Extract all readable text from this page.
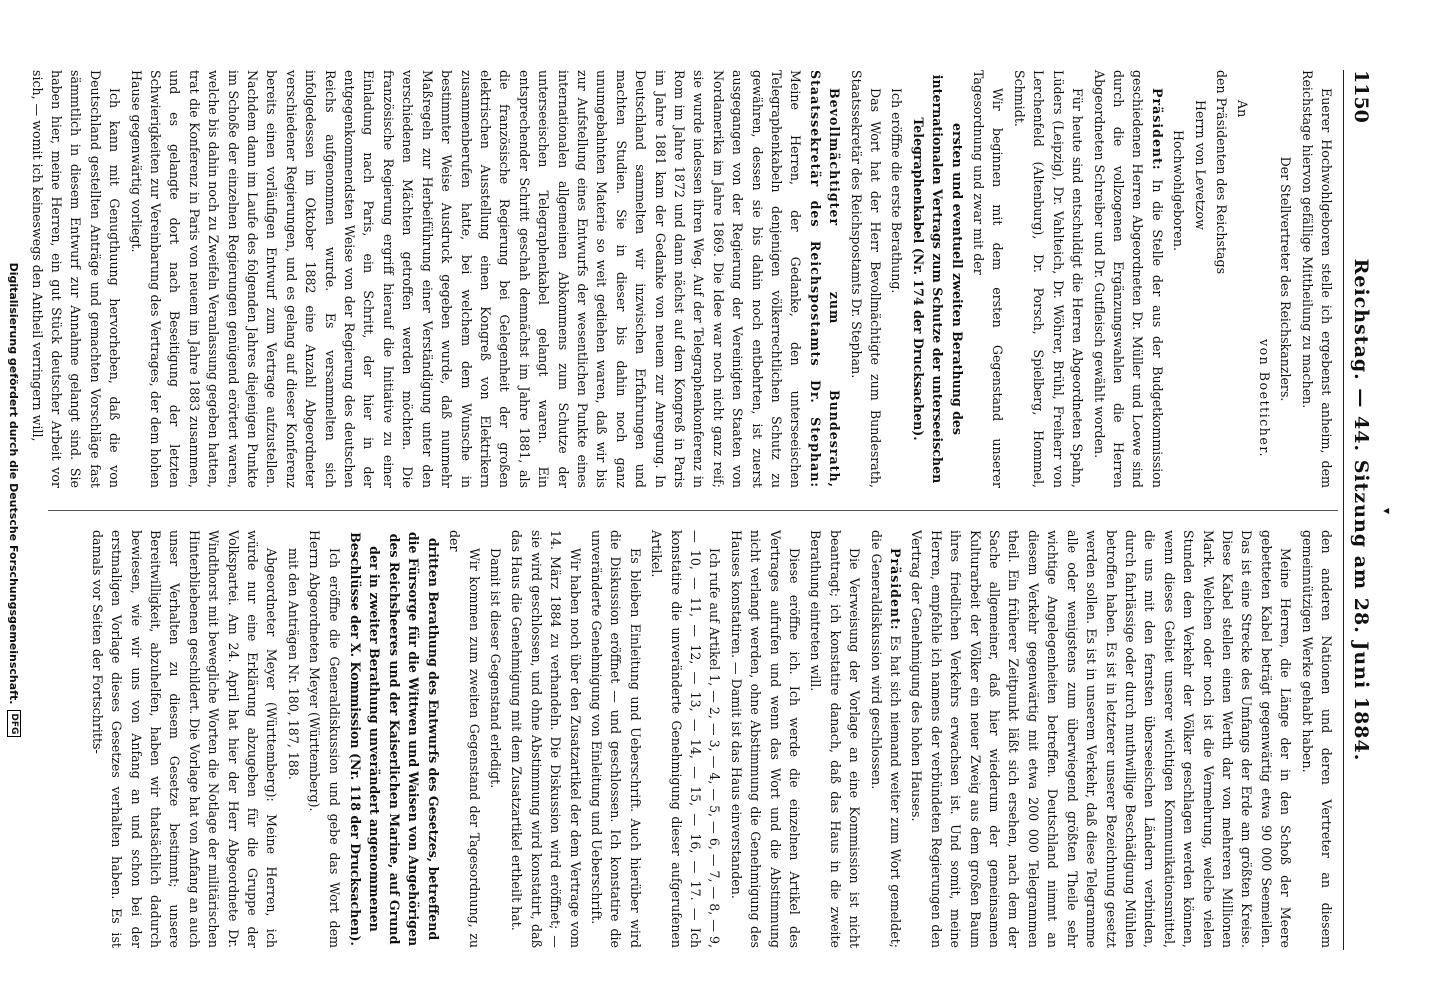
▾
1150
Reichstag. — 44. Sitzung am 28. Juni 1884.

Euerer Hochwohlgeboren stelle ich ergebenst anheim, dem Reichstage hiervon gefällige Mittheilung zu machen.

Der Stellvertreter des Reichskanzlers.

von Boetticher.

An

den Präsidenten des Reichstags

Herrn von Levetzow

Hochwohlgeboren.

Präsident: In die Stelle der aus der Budgetkommission geschiedenen Herren Abgeordneten Dr. Müller und Loewe sind durch die vollzogenen Ergänzungswahlen die Herren Abgeordneten Schreiber und Dr. Gutfleisch gewählt worden.

Für heute sind entschuldigt die Herren Abgeordneten Spahn, Lüders (Leipzig), Dr. Vahlteich, Dr. Wöhrer, Brühl, Freiherr von Lerchenfeld (Altenburg), Dr. Porsch, Spielberg, Hommel, Schmidt.

Wir beginnen mit dem ersten Gegenstand unserer Tagesordnung und zwar mit der

ersten und eventuell zweiten Berathung des internationalen Vertrags zum Schutze der unterseeischen Telegraphenkabel (Nr. 174 der Drucksachen).

Ich eröffne die erste Berathung.

Das Wort hat der Herr Bevollmächtigte zum Bundesrath, Staatssekretär des Reichspostamts Dr. Stephan.

Bevollmächtigter zum Bundesrath, Staatssekretär des Reichspostamts Dr. Stephan: Meine Herren, der Gedanke, den unterseeischen Telegraphenkabeln denjenigen völkerrechtlichen Schutz zu gewähren, dessen sie bis dahin noch entbehrten, ist zuerst ausgegangen von der Regierung der Vereinigten Staaten von Nordamerika im Jahre 1869. Die Idee war noch nicht ganz reif; sie wurde indessen ihren Weg. Auf der Telegraphenkonferenz in Rom im Jahre 1872 und dann nächst auf dem Kongreß in Paris im Jahre 1881 kam der Gedanke von neuem zur Anregung. In Deutschland sammelten wir inzwischen Erfahrungen und machten Studien. Sie in dieser bis dahin noch ganz unumgebahnten Materie so weit gediehen waren, daß wir bis zur Aufstellung eines Entwurfs der wesentlichen Punkte eines internationalen allgemeinen Abkommens zum Schutze der unterseeischen Telegraphenkabel gelangt waren. Ein entsprechender Schritt geschah demnächst im Jahre 1881, als die französische Regierung bei Gelegenheit der großen elektrischen Ausstellung einen Kongreß von Elektrikern zusammenberufen hatte, bei welchem dem Wunsche in bestimmter Weise Ausdruck gegeben wurde, daß nunmehr Maßregeln zur Herbeiführung einer Verständigung unter den verschiedenen Mächten getroffen werden möchten. Die französische Regierung ergriff hierauf die Initiative zu einer Einladung nach Paris, ein Schritt, der hier in der entgegenkommendsten Weise von der Regierung des deutschen Reichs aufgenommen wurde. Es versammelten sich infolgedessen im Oktober 1882 eine Anzahl Abgeordneter verschiedener Regierungen, und es gelang auf dieser Konferenz bereits einen vorläufigen Entwurf zum Vertrage aufzustellen. Nachdem dann im Laufe des folgenden Jahres diejenigen Punkte im Schoße der einzelnen Regierungen genügend erörtert waren, welche bis dahin noch zu Zweifeln Veranlassung gegeben hatten, trat die Konferenz in Paris von neuem im Jahre 1883 zusammen, und es gelangte dort nach Beseitigung der letzten Schwierigkeiten zur Vereinbarung des Vertrages, der dem hohen Hause gegenwärtig vorliegt.

Ich kann mit Genugthuung hervorheben, daß die von Deutschland gestellten Anträge und gemachten Vorschläge fast sämmtlich in diesem Entwurf zur Annahme gelangt sind. Sie haben hier, meine Herren, ein gut Stück deutscher Arbeit vor sich, — womit ich keineswegs den Antheil verringern will,

den anderen Nationen und deren Vertreter an diesem gemeinnützigen Werke gehabt haben.

Meine Herren, die Länge der in den Schoß der Meere gebetteten Kabel beträgt gegenwärtig etwa 90 000 Seemeilen. Das ist eine Strecke des Umfangs der Erde am größten Kreise. Diese Kabel stellen einen Werth dar von mehreren Millionen Mark. Welchen oder noch ist die Vermehrung, welche vielen Stunden dem Verkehr der Völker geschlagen werden können, wenn dieses Gebiet unserer wichtigen Kommunikationsmittel, die uns mit den fernsten überseeischen Ländern verbinden, durch fahrlässige oder durch muthwillige Beschädigung Mühlen betroffen haben. Es ist in letzterer unserer Bezeichnung gesetzt werden sollen. Es ist in unserem Verkehr, daß diese Telegramme alle oder wenigstens zum überwiegend größten Theile sehr wichtige Angelegenheiten betreffen. Deutschland nimmt an diesem Verkehr gegenwärtig mit etwa 200 000 Telegrammen theil. Ein früherer Zeitpunkt läßt sich ersehen, nach dem der Sache allgemeiner, daß hier wiederum der gemeinsamen Kulturarbeit der Völker ein neuer Zweig aus dem großen Baum ihres friedlichen Verkehrs erwachsen ist. Und somit, meine Herren, empfehle ich namens der verbündeten Regierungen den Vertrag der Genehmigung des hohen Hauses.

Präsident: Es hat sich niemand weiter zum Wort gemeldet; die Generaldiskussion wird geschlossen.

Die Verweisung der Vorlage an eine Kommission ist nicht beantragt; ich konstatire danach, daß das Haus in die zweite Berathung eintreten will.

Diese eröffne ich. Ich werde die einzelnen Artikel des Vertrages aufrufen und wenn das Wort und die Abstimmung nicht verlangt werden, ohne Abstimmung die Genehmigung des Hauses konstatiren. — Damit ist das Haus einverstanden.

Ich rufe auf Artikel 1, — 2, — 3, — 4, — 5, — 6, — 7, — 8, — 9, — 10, — 11, — 12, — 13, — 14, — 15, — 16, — 17. — Ich konstatire die unveränderte Genehmigung dieser aufgerufenen Artikel.

Es bleiben Einleitung und Ueberschrift. Auch hierüber wird die Diskussion eröffnet — und geschlossen. Ich konstatire die unveränderte Genehmigung von Einleitung und Ueberschrift.

Wir haben noch über den Zusatzartikel der dem Vertrage vom 14. März 1884 zu verhandeln. Die Diskussion wird eröffnet; — sie wird geschlossen, und ohne Abstimmung wird konstatirt, daß das Haus die Genehmigung mit dem Zusatzartikel ertheilt hat.

Damit ist dieser Gegenstand erledigt.

Wir kommen zum zweiten Gegenstand der Tagesordnung, zu der

dritten Berathung des Entwurfs des Gesetzes, betreffend die Fürsorge für die Wittwen und Waisen von Angehörigen des Reichsheeres und der Kaiserlichen Marine, auf Grund der in zweiter Berathung unverändert angenommenen Beschlüsse der X. Kommission (Nr. 118 der Drucksachen).

Ich eröffne die Generaldiskussion und gebe das Wort dem Herrn Abgeordneten Meyer (Württemberg).

mit den Anträgen Nr. 180, 187, 188.

Abgeordneter Meyer (Württemberg): Meine Herren, ich würde nur eine Erklärung abzugeben für die Gruppe der Volkspartei. Am 24. April hat hier der Herr Abgeordnete Dr. Windthorst mit bewegliche Worten die Notlage der militärischen Hinterbliebenen geschildert. Die Vorlage hat von Anfang an auch unser Verhalten zu diesem Gesetze bestimmt; unsere Bereitwilligkeit, abzuhelfen, haben wir thatsächlich dadurch bewiesen, wie wir uns von Anfang an und schon bei der erstmaligen Vorlage dieses Gesetzes verhalten haben. Es ist damals vor Seiten der Fortschritts-

Digitalisierung gefördert durch die Deutsche Forschungsgemeinschaft.
DFG
